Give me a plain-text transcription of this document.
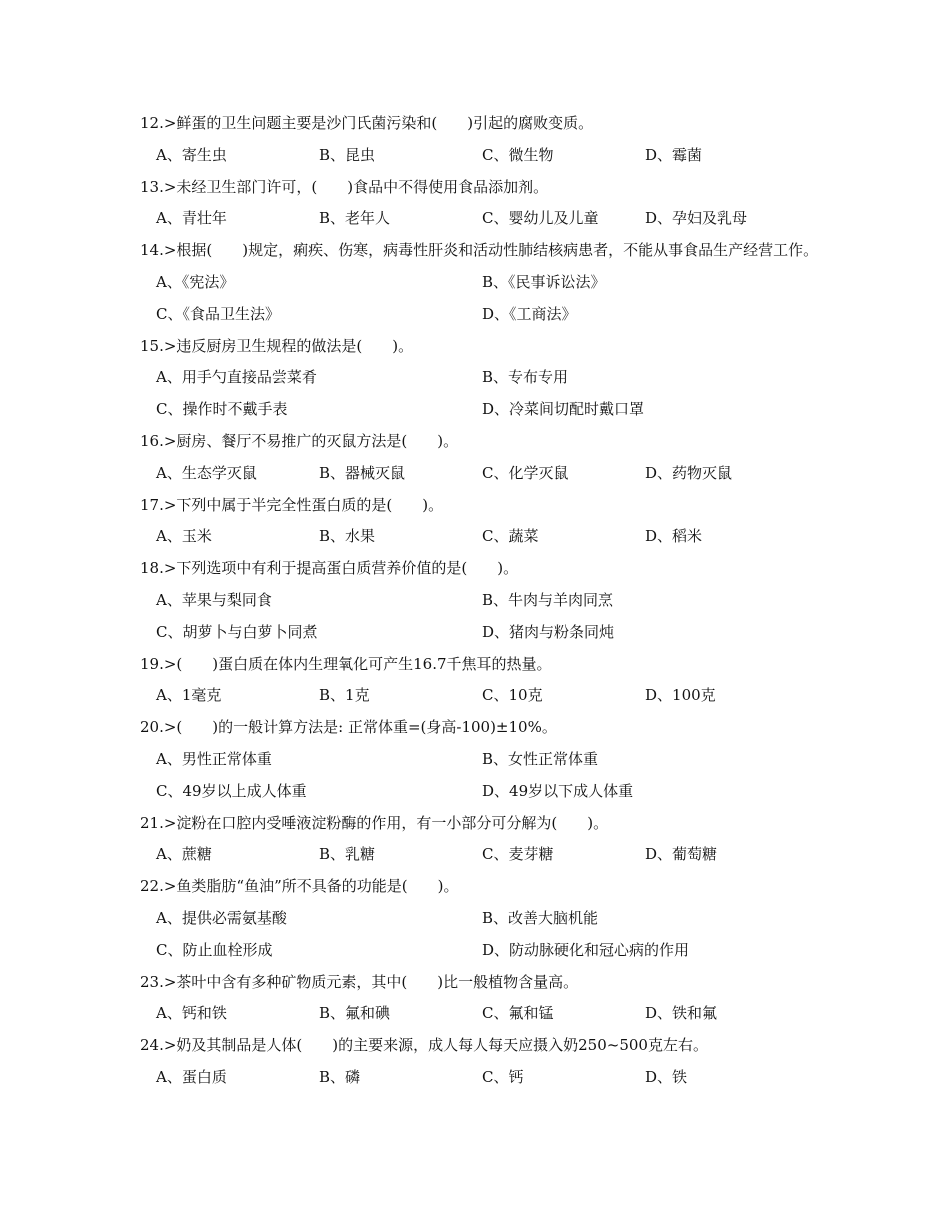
12.>鲜蛋的卫生问题主要是沙门氏菌污染和(　　)引起的腐败变质。
A、寄生虫	B、昆虫	C、微生物	D、霉菌
13.>未经卫生部门许可，(　　)食品中不得使用食品添加剂。
A、青壮年	B、老年人	C、婴幼儿及儿童	D、孕妇及乳母
14.>根据(　　)规定，痢疾、伤寒，病毒性肝炎和活动性肺结核病患者，不能从事食品生产经营工作。
A、《宪法》	B、《民事诉讼法》
C、《食品卫生法》	D、《工商法》
15.>违反厨房卫生规程的做法是(　　)。
A、用手勺直接品尝菜肴	B、专布专用
C、操作时不戴手表	D、冷菜间切配时戴口罩
16.>厨房、餐厅不易推广的灭鼠方法是(　　)。
A、生态学灭鼠	B、器械灭鼠	C、化学灭鼠	D、药物灭鼠
17.>下列中属于半完全性蛋白质的是(　　)。
A、玉米	B、水果	C、蔬菜	D、稻米
18.>下列选项中有利于提高蛋白质营养价值的是(　　)。
A、苹果与梨同食	B、牛肉与羊肉同烹
C、胡萝卜与白萝卜同煮	D、猪肉与粉条同炖
19.>(　　)蛋白质在体内生理氧化可产生16.7千焦耳的热量。
A、1毫克	B、1克	C、10克	D、100克
20.>(　　)的一般计算方法是: 正常体重=(身高-100)±10%。
A、男性正常体重	B、女性正常体重
C、49岁以上成人体重	D、49岁以下成人体重
21.>淀粉在口腔内受唾液淀粉酶的作用，有一小部分可分解为(　　)。
A、蔗糖	B、乳糖	C、麦芽糖	D、葡萄糖
22.>鱼类脂肪“鱼油”所不具备的功能是(　　)。
A、提供必需氨基酸	B、改善大脑机能
C、防止血栓形成	D、防动脉硬化和冠心病的作用
23.>茶叶中含有多种矿物质元素，其中(　　)比一般植物含量高。
A、钙和铁	B、氟和碘	C、氟和锰	D、铁和氟
24.>奶及其制品是人体(　　)的主要来源，成人每人每天应摄入奶250~500克左右。
A、蛋白质	B、磷	C、钙	D、铁
